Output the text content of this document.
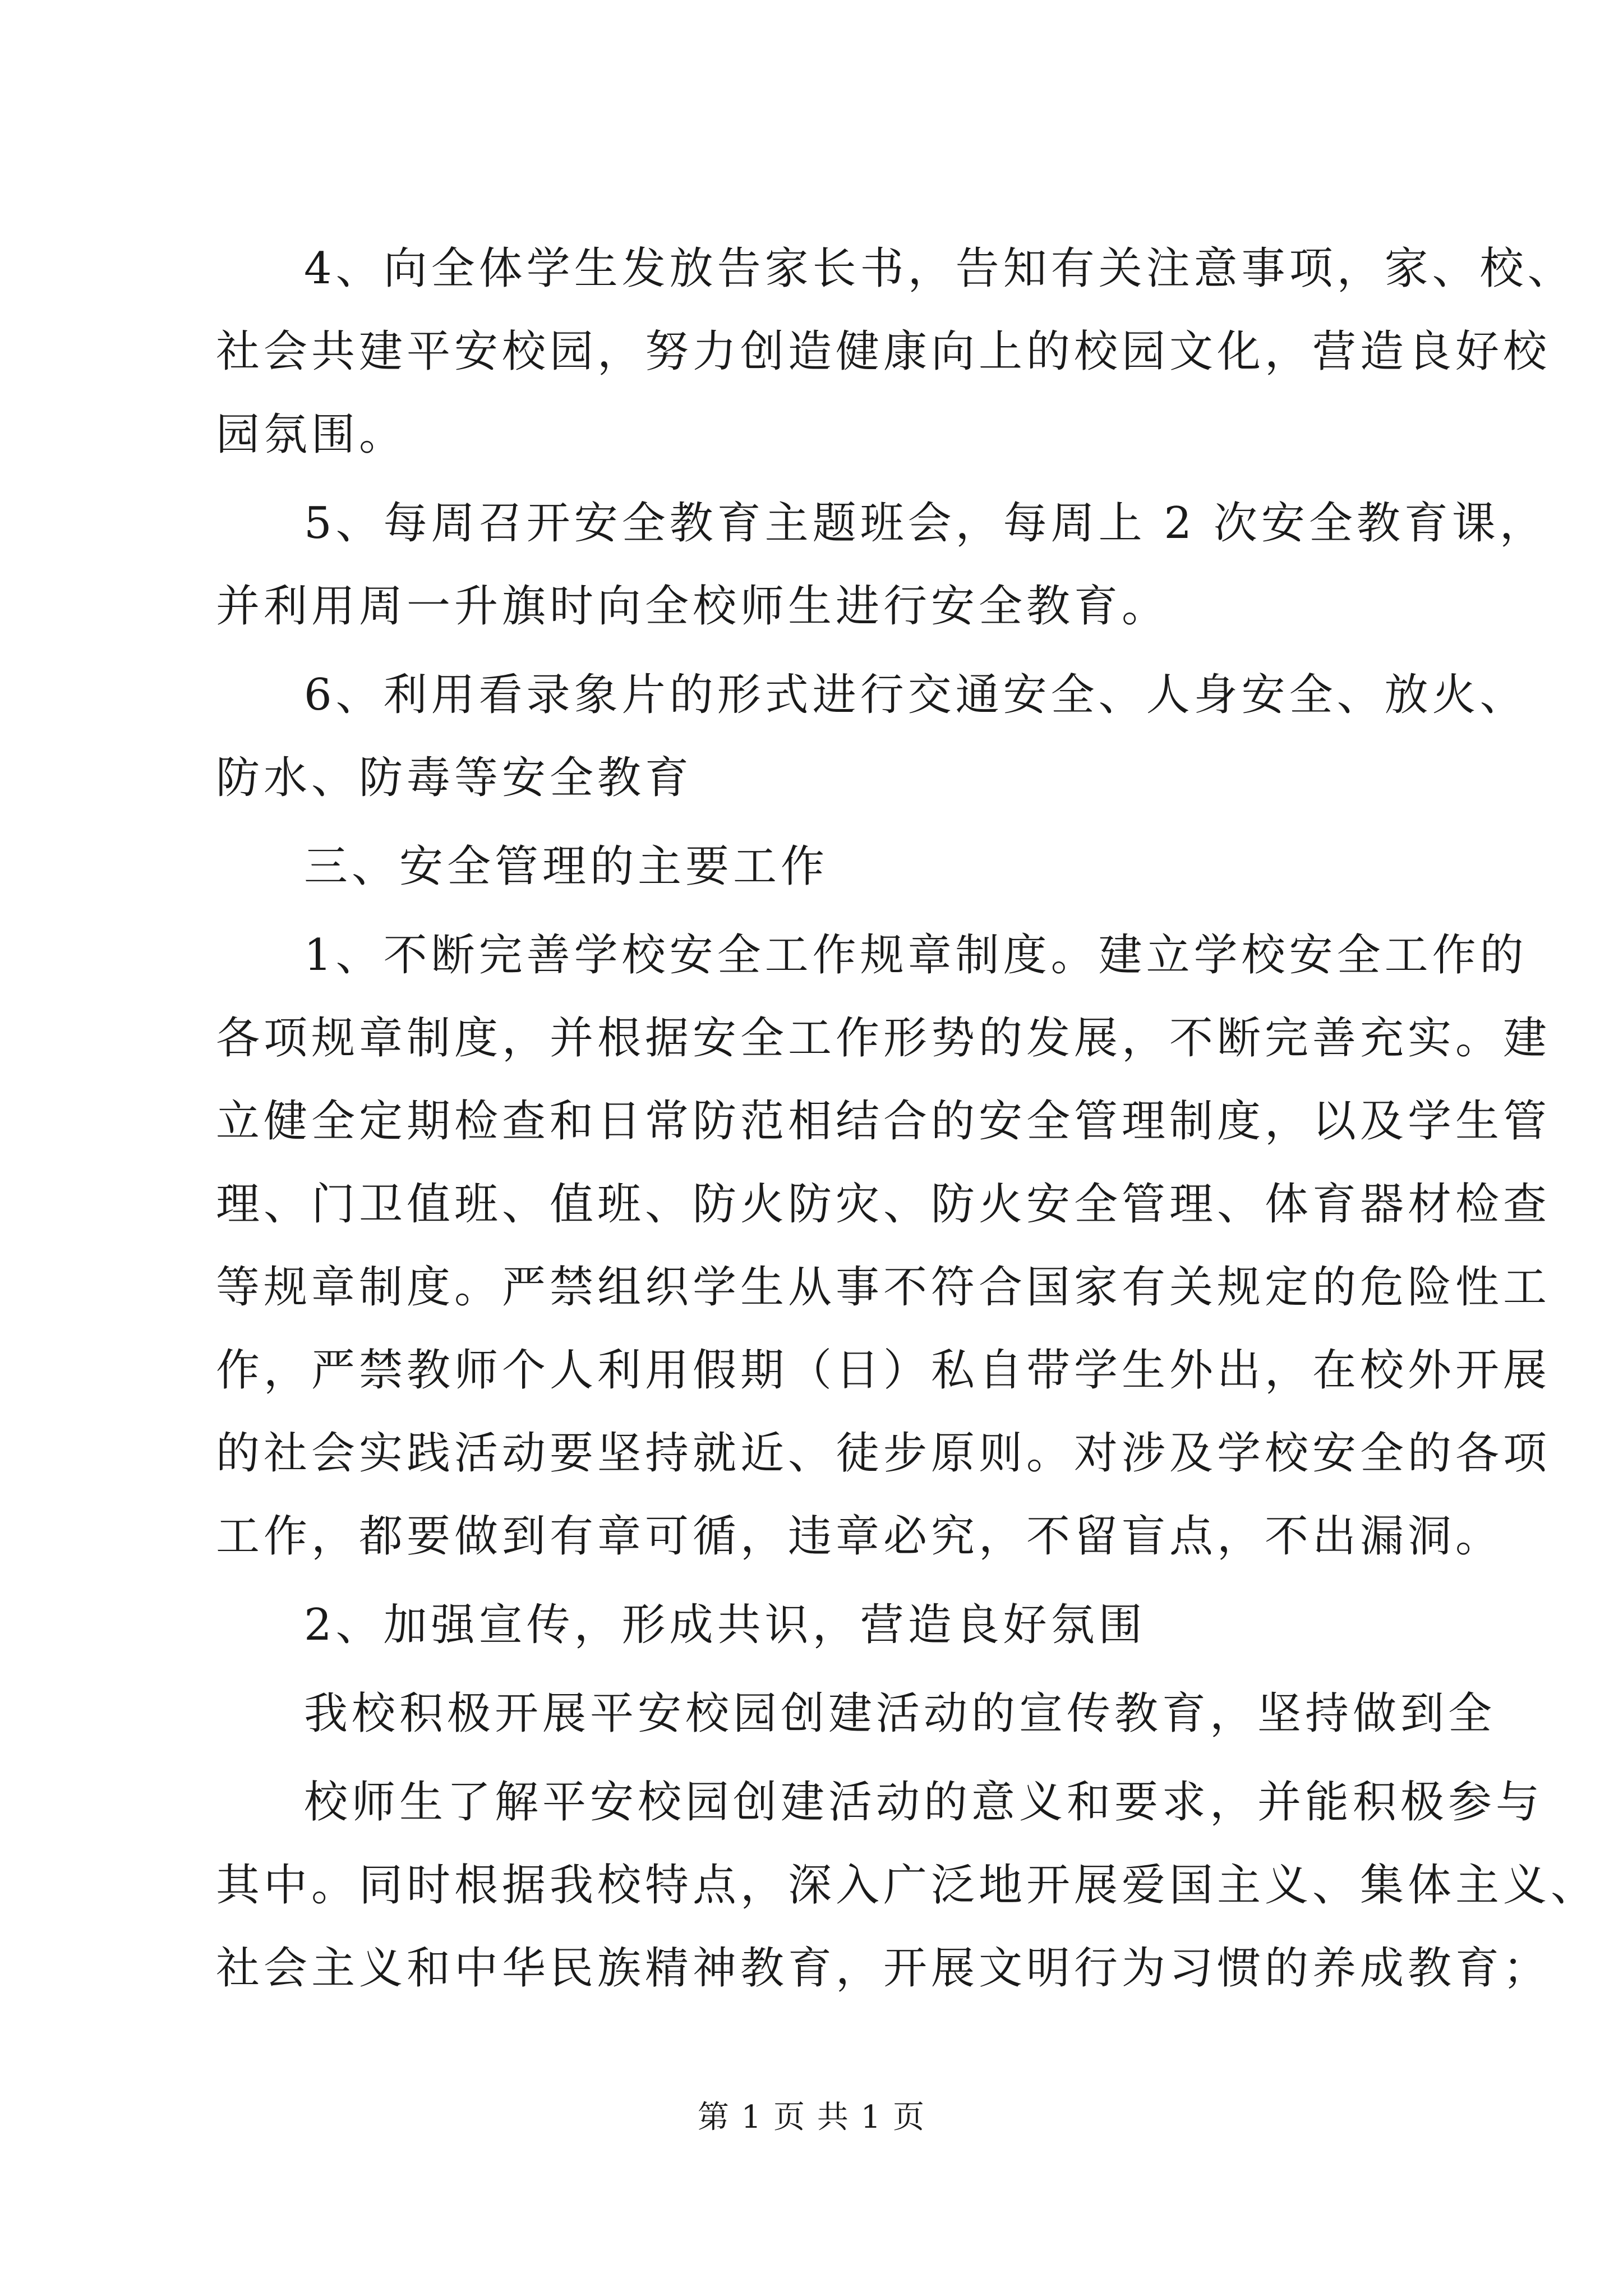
4、向全体学生发放告家长书，告知有关注意事项，家、校、
社会共建平安校园，努力创造健康向上的校园文化，营造良好校
园氛围。
5、每周召开安全教育主题班会，每周上 2 次安全教育课，
并利用周一升旗时向全校师生进行安全教育。
6、利用看录象片的形式进行交通安全、人身安全、放火、
防水、防毒等安全教育
三、安全管理的主要工作
1、不断完善学校安全工作规章制度。建立学校安全工作的
各项规章制度，并根据安全工作形势的发展，不断完善充实。建
立健全定期检查和日常防范相结合的安全管理制度，以及学生管
理、门卫值班、值班、防火防灾、防火安全管理、体育器材检查
等规章制度。严禁组织学生从事不符合国家有关规定的危险性工
作，严禁教师个人利用假期（日）私自带学生外出，在校外开展
的社会实践活动要坚持就近、徒步原则。对涉及学校安全的各项
工作，都要做到有章可循，违章必究，不留盲点，不出漏洞。
2、加强宣传，形成共识，营造良好氛围
我校积极开展平安校园创建活动的宣传教育，坚持做到全
校师生了解平安校园创建活动的意义和要求，并能积极参与
其中。同时根据我校特点，深入广泛地开展爱国主义、集体主义、
社会主义和中华民族精神教育，开展文明行为习惯的养成教育；
第 1 页 共 1 页
